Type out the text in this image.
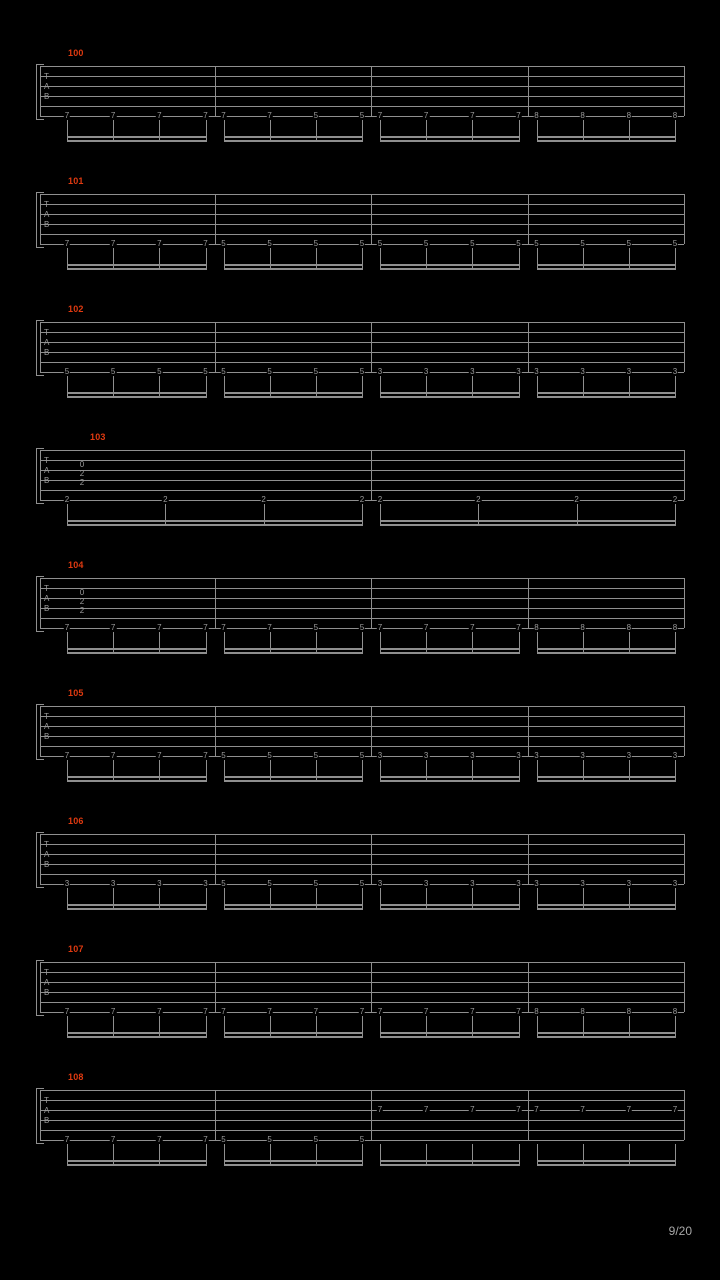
100
T
A
B
7	7	7	7 7	7	5	5 7	7	7	7 8	8	8	8
101
T
A
B
7	7	7	7 5	5	5	5 5	5	5	5 5	5	5	5
102
T
A
B
5	5	5	5 5	5	5	5 3	3	3	3 3	3	3	3
103
T
A
B
0
2
2
2	2	2	2 2	2	2	2
104
T
A
B
0
2
2
7	7	7	7 7	7	5	5 7	7	7	7 8	8	8	8
105
T
A
B
7	7	7	7 5	5	5	5 3	3	3	3 3	3	3	3
106
T
A
B
3	3	3	3 5	5	5	5 3	3	3	3 3	3	3	3
107
T
A
B
7	7	7	7 7	7	7	7 7	7	7	7 8	8	8	8
108
T
A
B
7	7	7	7 5	5	5	5
7	7	7	7 7	7	7	7
9/20
